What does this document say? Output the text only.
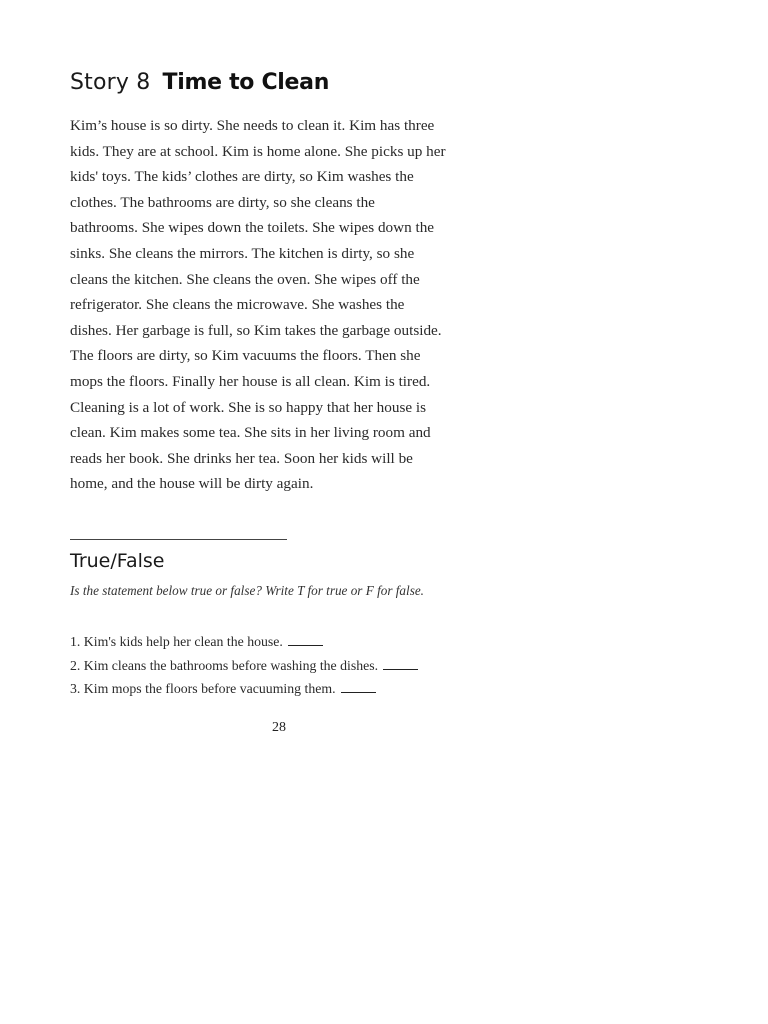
Story 8 Time to Clean

Kim’s house is so dirty. She needs to clean it. Kim has three
kids. They are at school. Kim is home alone. She picks up her
kids' toys. The kids’ clothes are dirty, so Kim washes the
clothes. The bathrooms are dirty, so she cleans the
bathrooms. She wipes down the toilets. She wipes down the
sinks. She cleans the mirrors. The kitchen is dirty, so she
cleans the kitchen. She cleans the oven. She wipes off the
refrigerator. She cleans the microwave. She washes the
dishes. Her garbage is full, so Kim takes the garbage outside.
The floors are dirty, so Kim vacuums the floors. Then she
mops the floors. Finally her house is all clean. Kim is tired.
Cleaning is a lot of work. She is so happy that her house is
clean. Kim makes some tea. She sits in her living room and
reads her book. She drinks her tea. Soon her kids will be
home, and the house will be dirty again.

True/False

Is the statement below true or false? Write T for true or F for false.

1. Kim's kids help her clean the house.
2. Kim cleans the bathrooms before washing the dishes.
3. Kim mops the floors before vacuuming them.
28
